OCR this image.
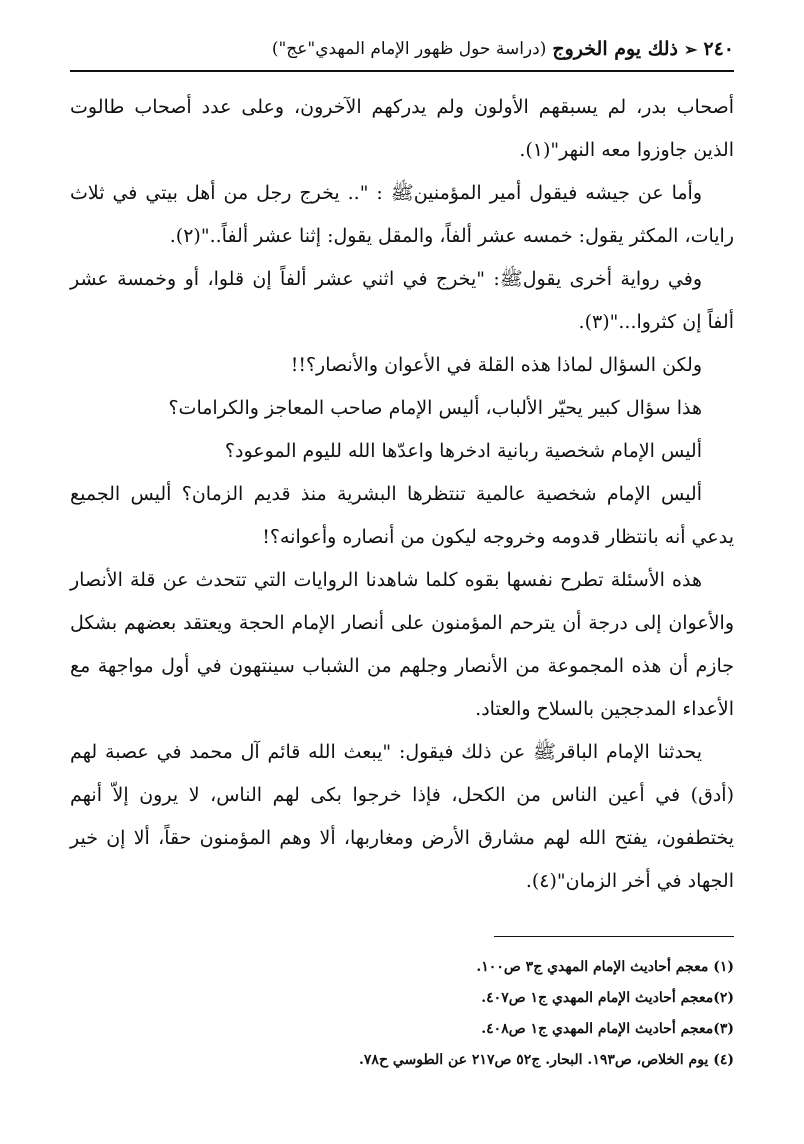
٢٤٠
➢
ذلك يوم الخروج
(دراسة حول ظهور الإمام المهدي"عج")

أصحاب بدر، لم يسبقهم الأولون ولم يدركهم الآخرون، وعلى عدد أصحاب طالوت الذين جاوزوا معه النهر"(١).

وأما عن جيشه فيقول أمير المؤمنين‎ﷺ : ".. يخرج رجل من أهل بيتي في ثلاث رايات، المكثر يقول: خمسه عشر ألفاً، والمقل يقول: إثنا عشر ألفاً.."(٢).

وفي رواية أخرى يقول‎ﷺ: "يخرج في اثني عشر ألفاً إن قلوا، أو وخمسة عشر ألفاً إن كثروا..."(٣).

ولكن السؤال لماذا هذه القلة في الأعوان والأنصار؟!!

هذا سؤال كبير يحيّر الألباب، أليس الإمام صاحب المعاجز والكرامات؟

أليس الإمام شخصية ربانية ادخرها واعدّها الله لليوم الموعود؟

أليس الإمام شخصية عالمية تنتظرها البشرية منذ قديم الزمان؟ أليس الجميع يدعي أنه بانتظار قدومه وخروجه ليكون من أنصاره وأعوانه؟!

هذه الأسئلة تطرح نفسها بقوه كلما شاهدنا الروايات التي تتحدث عن قلة الأنصار والأعوان إلى درجة أن يترحم المؤمنون على أنصار الإمام الحجة ويعتقد بعضهم بشكل جازم أن هذه المجموعة من الأنصار وجلهم من الشباب سينتهون في أول مواجهة مع الأعداء المدججين بالسلاح والعتاد.

يحدثنا الإمام الباقر‎ﷺ عن ذلك فيقول: "يبعث الله قائم آل محمد في عصبة لهم (أدق) في أعين الناس من الكحل، فإذا خرجوا بكى لهم الناس، لا يرون إلاّ أنهم يختطفون، يفتح الله لهم مشارق الأرض ومغاربها، ألا وهم المؤمنون حقاً، ألا إن خير الجهاد في أخر الزمان"(٤).

(١) معجم أحاديث الإمام المهدي ج٣ ص١٠٠.

(٢)معجم أحاديث الإمام المهدي ج١ ص٤٠٧.

(٣)معجم أحاديث الإمام المهدي ج١ ص٤٠٨.

(٤) يوم الخلاص، ص١٩٣. البحار. ج٥٢ ص٢١٧ عن الطوسي ح٧٨.
